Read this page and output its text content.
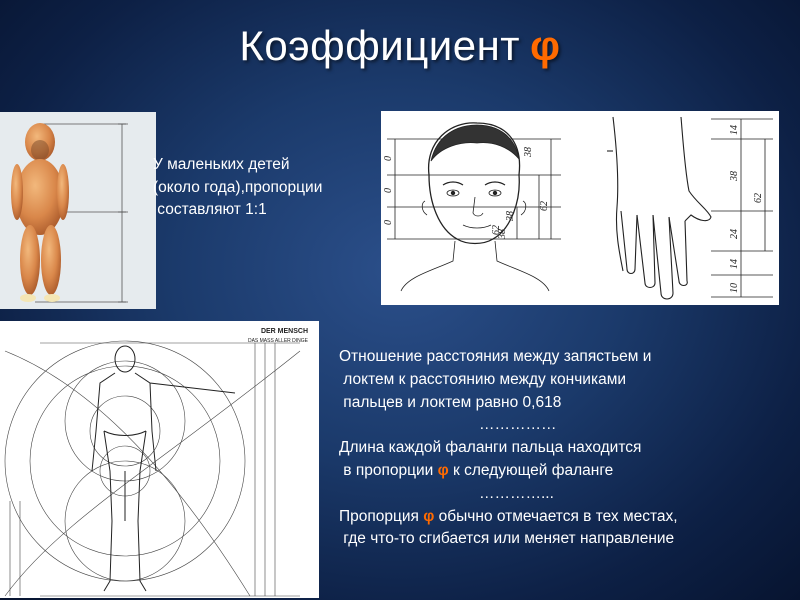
Коэффициент φ
У маленьких детей
(около года),пропорции
составляют 1:1
38
62
0
0
0
38
62
38
14
38
62
24
14
10
DER MENSCH
DAS MASS ALLER DINGE
Отношение расстояния между запястьем и
локтем к расстоянию между кончиками
пальцев и локтем равно 0,618
……………
Длина каждой фаланги пальца находится
в пропорции φ к следующей фаланге
…………...
Пропорция φ обычно отмечается в тех местах,
где что-то сгибается или меняет направление
